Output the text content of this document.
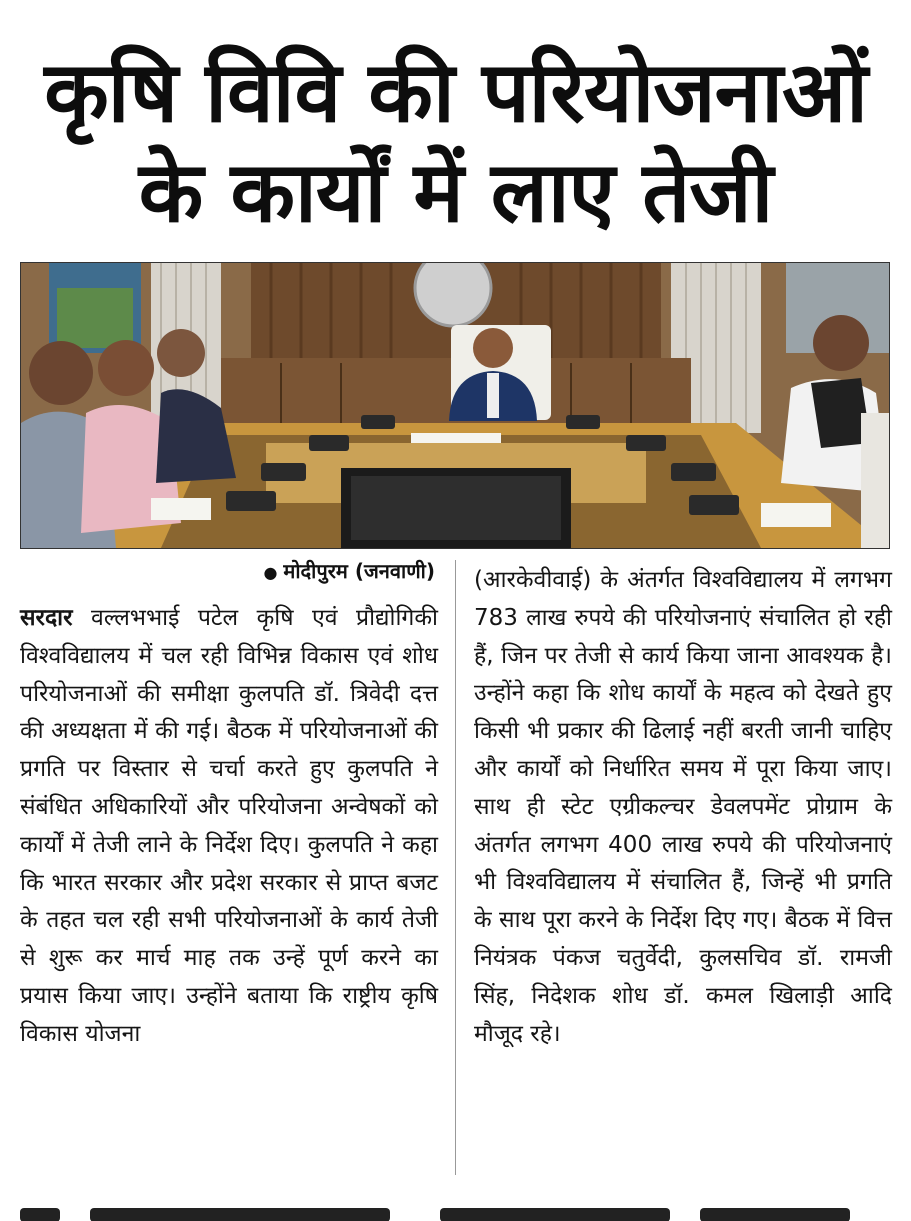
कृषि विवि की परियोजनाओं
के कार्यों में लाए तेजी
● मोदीपुरम (जनवाणी)

सरदार वल्लभभाई पटेल कृषि एवं प्रौद्योगिकी विश्वविद्यालय में चल रही विभिन्न विकास एवं शोध परियोजनाओं की समीक्षा कुलपति डॉ. त्रिवेदी दत्त की अध्यक्षता में की गई। बैठक में परियोजनाओं की प्रगति पर विस्तार से चर्चा करते हुए कुलपति ने संबंधित अधिकारियों और परियोजना अन्वेषकों को कार्यों में तेजी लाने के निर्देश दिए। कुलपति ने कहा कि भारत सरकार और प्रदेश सरकार से प्राप्त बजट के तहत चल रही सभी परियोजनाओं के कार्य तेजी से शुरू कर मार्च माह तक उन्हें पूर्ण करने का प्रयास किया जाए। उन्होंने बताया कि राष्ट्रीय कृषि विकास योजना

(आरकेवीवाई) के अंतर्गत विश्वविद्यालय में लगभग 783 लाख रुपये की परियोजनाएं संचालित हो रही हैं, जिन पर तेजी से कार्य किया जाना आवश्यक है। उन्होंने कहा कि शोध कार्यों के महत्व को देखते हुए किसी भी प्रकार की ढिलाई नहीं बरती जानी चाहिए और कार्यों को निर्धारित समय में पूरा किया जाए। साथ ही स्टेट एग्रीकल्चर डेवलपमेंट प्रोग्राम के अंतर्गत लगभग 400 लाख रुपये की परियोजनाएं भी विश्वविद्यालय में संचालित हैं, जिन्हें भी प्रगति के साथ पूरा करने के निर्देश दिए गए। बैठक में वित्त नियंत्रक पंकज चतुर्वेदी, कुलसचिव डॉ. रामजी सिंह, निदेशक शोध डॉ. कमल खिलाड़ी आदि मौजूद रहे।
